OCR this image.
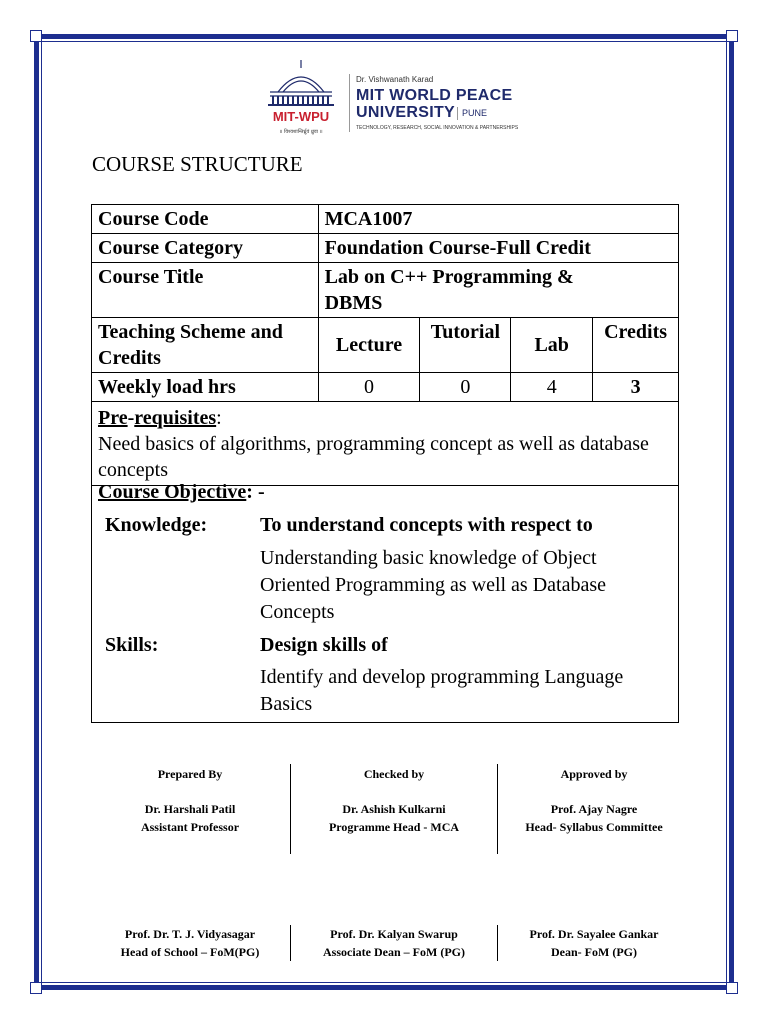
MIT-WPU
॥ विश्वशान्तिर्ध्रुवं ध्रुवा ॥
Dr. Vishwanath Karad
MIT WORLD PEACE
UNIVERSITY PUNE
TECHNOLOGY, RESEARCH, SOCIAL INNOVATION & PARTNERSHIPS
COURSE STRUCTURE
Course Code	MCA1007			
Course Category	Foundation Course-Full Credit			
Course Title	Lab on C++ Programming & DBMS			
Teaching Scheme and Credits	Lecture	Tutorial	Lab	Credits
Weekly load hrs	0	0	4	3
Pre-requisites:
Need basics of algorithms, programming concept as well as database concepts				
Course Objective: -
Knowledge:	To understand concepts with respect to
Understanding basic knowledge of Object Oriented Programming as well as Database Concepts
Skills:	Design skills of
Identify and develop programming Language Basics
Prepared By
Dr. Harshali Patil
Assistant Professor
Checked by
Dr. Ashish Kulkarni
Programme Head - MCA
Approved by
Prof. Ajay Nagre
Head- Syllabus Committee
Prof. Dr. T. J. Vidyasagar
Head of School – FoM(PG)
Prof. Dr. Kalyan Swarup
Associate Dean – FoM (PG)
Prof. Dr. Sayalee Gankar
Dean- FoM (PG)
